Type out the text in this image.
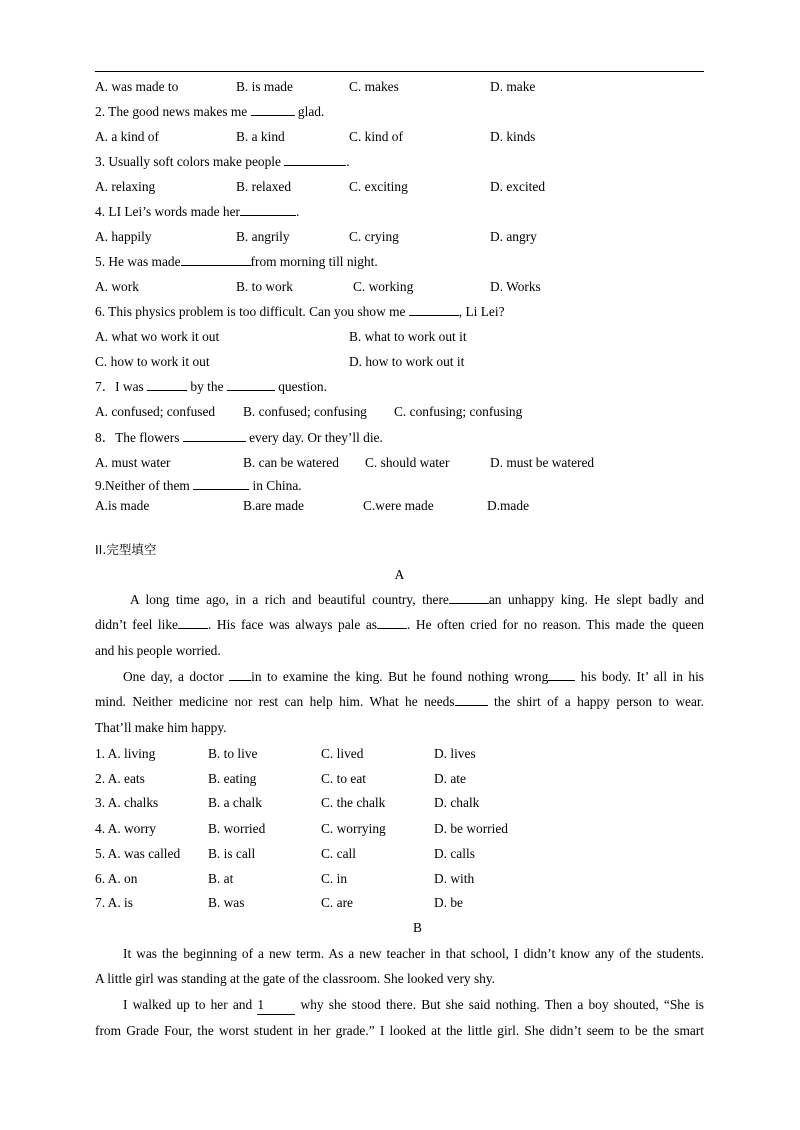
A. was made to	B. is made	C. makes	D. make
2. The good news makes me	glad.
A. a kind of	B. a kind	C. kind of	D. kinds
3. Usually soft colors make people	.
A. relaxing	B. relaxed	C. exciting	D. excited
4. LI Lei’s words made her	.
A. happily	B. angrily	C. crying	D. angry
5. He was made	from morning till night.
A. work	B. to work	C. working	D. Works
6. This physics problem is too difficult. Can you show me	, Li Lei?
A. what wo work it out	B. what to work out it
C. how to work it out	D. how to work out it
7．I was	by the	question.
A. confused; confused B. confused; confusing C. confusing; confusing
8．The flowers	every day. Or they’ll die.
A. must water	B. can be watered C. should water	D. must be watered
9.Neither of them	in China.
A.is made	B.are made	C.were made	D.made
II.完型填空
A
A long time ago, in a rich and beautiful country, there	an unhappy king. He slept badly and
didn’t feel like . His face was always pale as . He often cried for no reason. This made the queen
and his people worried.
One day, a doctor in to examine the king. But he found nothing wrong his body. It’ all in his
mind. Neither medicine nor rest can help him. What he needs the shirt of a happy person to wear.
That’ll make him happy.
1. A. living	B. to live	C. lived	D. lives
2. A. eats	B. eating	C. to eat	D. ate
3. A. chalks	B. a chalk	C. the chalk	D. chalk
4. A. worry	B. worried	C. worrying	D. be worried
5. A. was called B. is call	C. call	D. calls
6. A. on	B. at	C. in	D. with
7. A. is	B. was	C. are	D. be
B
It was the beginning of a new term. As a new teacher in that school, I didn’t know any of the students.
A little girl was standing at the gate of the classroom. She looked very shy.
I walked up to her and 1 why she stood there. But she said nothing. Then a boy shouted, “She is
from Grade Four, the worst student in her grade.” I looked at the little girl. She didn’t seem to be the smart
